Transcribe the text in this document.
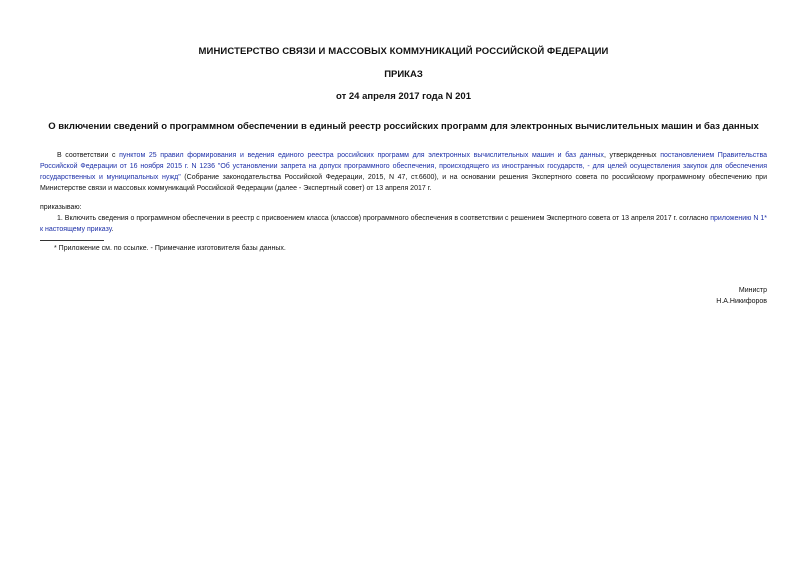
МИНИСТЕРСТВО СВЯЗИ И МАССОВЫХ КОММУНИКАЦИЙ РОССИЙСКОЙ ФЕДЕРАЦИИ
ПРИКАЗ
от 24 апреля 2017 года N 201
О включении сведений о программном обеспечении в единый реестр российских программ для электронных вычислительных машин и баз данных
В соответствии с пунктом 25 правил формирования и ведения единого реестра российских программ для электронных вычислительных машин и баз данных, утвержденных постановлением Правительства Российской Федерации от 16 ноября 2015 г. N 1236 "Об установлении запрета на допуск программного обеспечения, происходящего из иностранных государств, - для целей осуществления закупок для обеспечения государственных и муниципальных нужд" (Собрание законодательства Российской Федерации, 2015, N 47, ст.6600), и на основании решения Экспертного совета по российскому программному обеспечению при Министерстве связи и массовых коммуникаций Российской Федерации (далее - Экспертный совет) от 13 апреля 2017 г.
приказываю:
1. Включить сведения о программном обеспечении в реестр с присвоением класса (классов) программного обеспечения в соответствии с решением Экспертного совета от 13 апреля 2017 г. согласно приложению N 1* к настоящему приказу.
* Приложение см. по ссылке. - Примечание изготовителя базы данных.
Министр
Н.А.Никифоров
